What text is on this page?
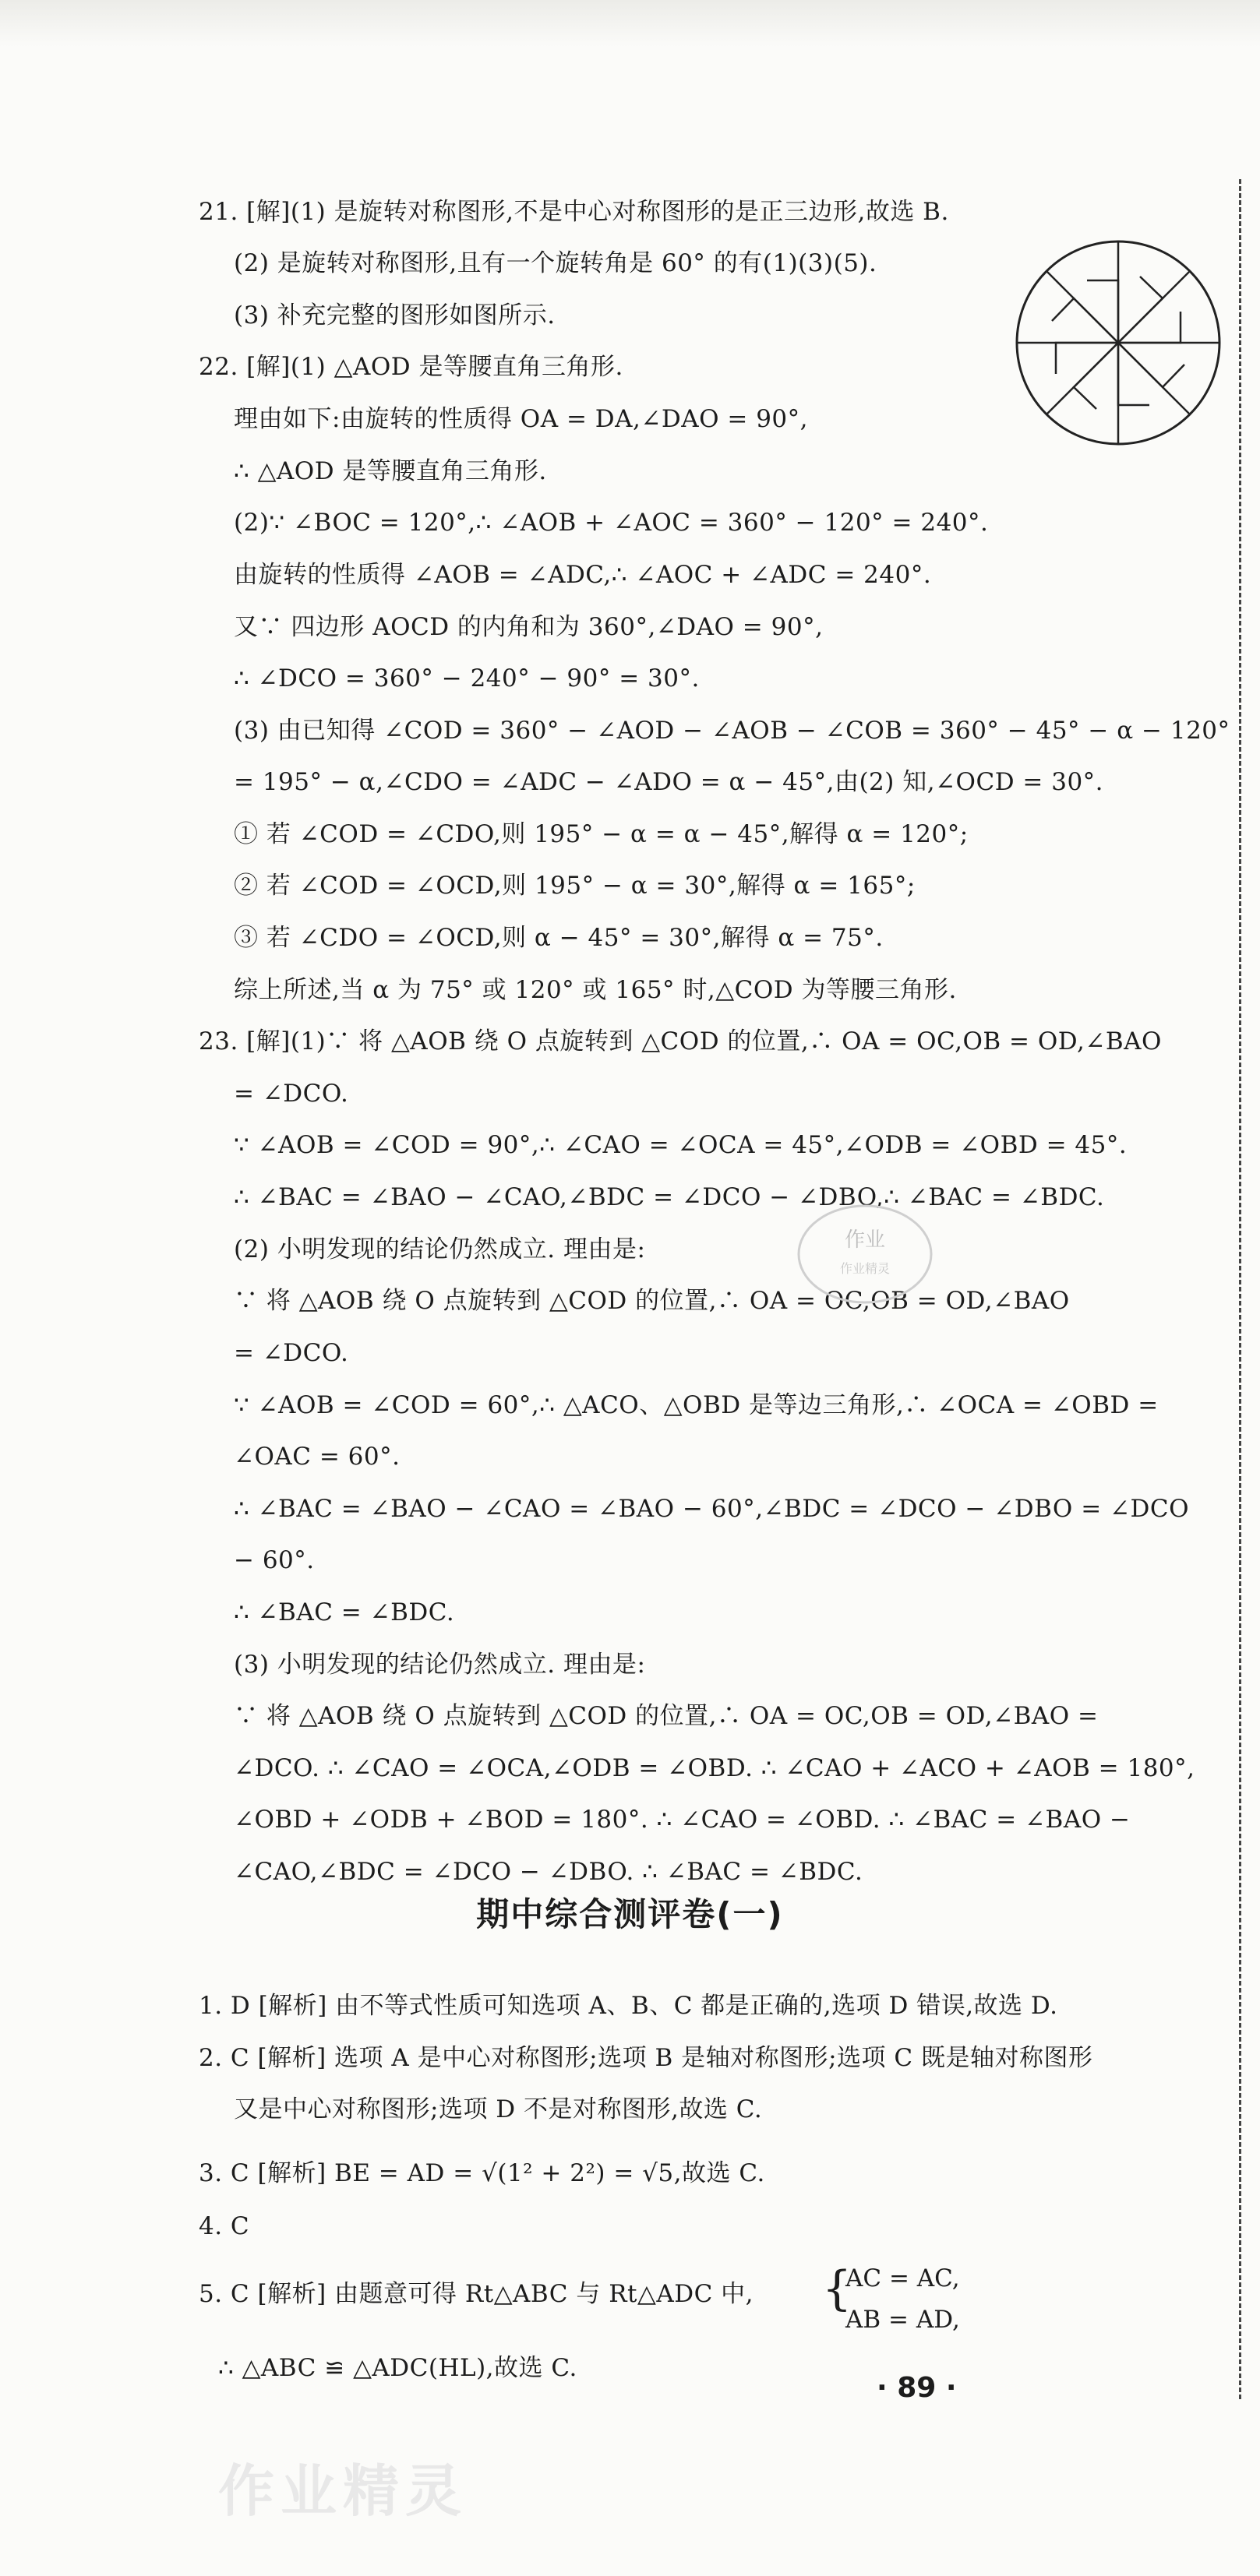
21. [解](1) 是旋转对称图形,不是中心对称图形的是正三边形,故选 B.
(2) 是旋转对称图形,且有一个旋转角是 60° 的有(1)(3)(5).
(3) 补充完整的图形如图所示.
22. [解](1) △AOD 是等腰直角三角形.
理由如下:由旋转的性质得 OA = DA,∠DAO = 90°,
∴ △AOD 是等腰直角三角形.
(2)∵ ∠BOC = 120°,∴ ∠AOB + ∠AOC = 360° − 120° = 240°.
由旋转的性质得 ∠AOB = ∠ADC,∴ ∠AOC + ∠ADC = 240°.
又∵ 四边形 AOCD 的内角和为 360°,∠DAO = 90°,
∴ ∠DCO = 360° − 240° − 90° = 30°.
(3) 由已知得 ∠COD = 360° − ∠AOD − ∠AOB − ∠COB = 360° − 45° − α − 120°
= 195° − α,∠CDO = ∠ADC − ∠ADO = α − 45°,由(2) 知,∠OCD = 30°.
① 若 ∠COD = ∠CDO,则 195° − α = α − 45°,解得 α = 120°;
② 若 ∠COD = ∠OCD,则 195° − α = 30°,解得 α = 165°;
③ 若 ∠CDO = ∠OCD,则 α − 45° = 30°,解得 α = 75°.
综上所述,当 α 为 75° 或 120° 或 165° 时,△COD 为等腰三角形.
23. [解](1)∵ 将 △AOB 绕 O 点旋转到 △COD 的位置,∴ OA = OC,OB = OD,∠BAO
= ∠DCO.
∵ ∠AOB = ∠COD = 90°,∴ ∠CAO = ∠OCA = 45°,∠ODB = ∠OBD = 45°.
∴ ∠BAC = ∠BAO − ∠CAO,∠BDC = ∠DCO − ∠DBO,∴ ∠BAC = ∠BDC.
(2) 小明发现的结论仍然成立. 理由是:
∵ 将 △AOB 绕 O 点旋转到 △COD 的位置,∴ OA = OC,OB = OD,∠BAO
= ∠DCO.
∵ ∠AOB = ∠COD = 60°,∴ △ACO、△OBD 是等边三角形,∴ ∠OCA = ∠OBD =
∠OAC = 60°.
∴ ∠BAC = ∠BAO − ∠CAO = ∠BAO − 60°,∠BDC = ∠DCO − ∠DBO = ∠DCO
− 60°.
∴ ∠BAC = ∠BDC.
(3) 小明发现的结论仍然成立. 理由是:
∵ 将 △AOB 绕 O 点旋转到 △COD 的位置,∴ OA = OC,OB = OD,∠BAO =
∠DCO. ∴ ∠CAO = ∠OCA,∠ODB = ∠OBD. ∴ ∠CAO + ∠ACO + ∠AOB = 180°,
∠OBD + ∠ODB + ∠BOD = 180°. ∴ ∠CAO = ∠OBD. ∴ ∠BAC = ∠BAO −
∠CAO,∠BDC = ∠DCO − ∠DBO. ∴ ∠BAC = ∠BDC.
期中综合测评卷(一)
1. D [解析] 由不等式性质可知选项 A、B、C 都是正确的,选项 D 错误,故选 D.
2. C [解析] 选项 A 是中心对称图形;选项 B 是轴对称图形;选项 C 既是轴对称图形
又是中心对称图形;选项 D 不是对称图形,故选 C.
3. C [解析] BE = AD = √(1² + 2²) = √5,故选 C.
4. C
5. C [解析] 由题意可得 Rt△ABC 与 Rt△ADC 中, {
AC = AC,
AB = AD,
∴ △ABC ≌ △ADC(HL),故选 C.
· 89 ·
作业
作业精灵
作业精灵
